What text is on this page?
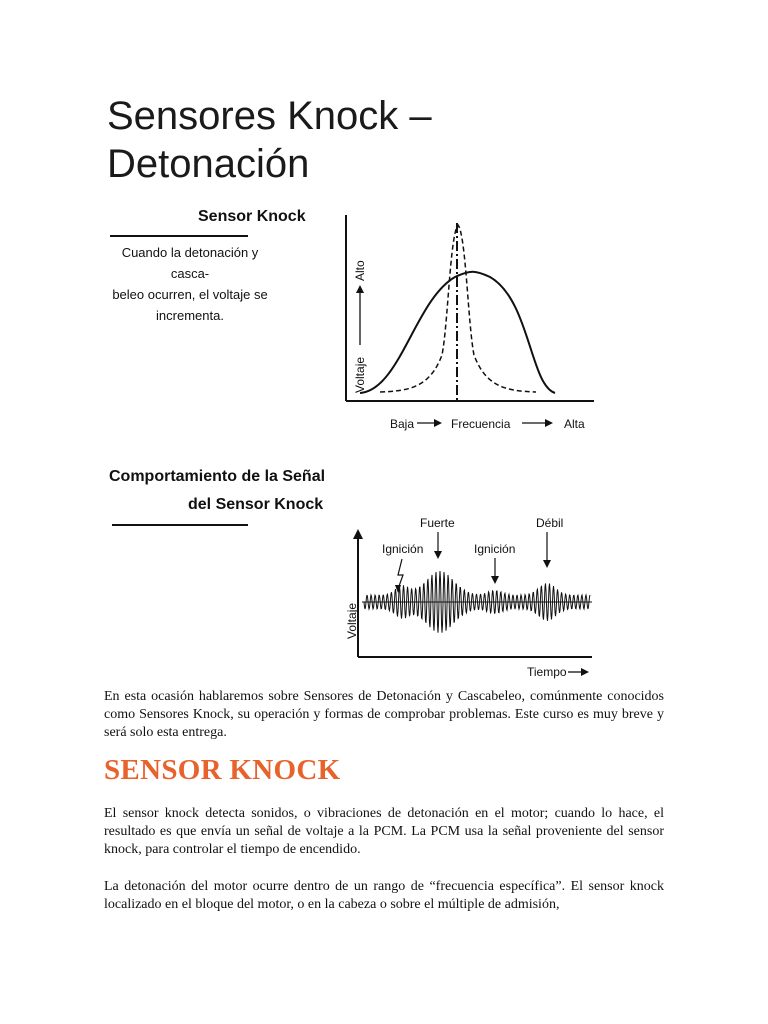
Sensores Knock –
Detonación
Sensor Knock

Cuando la detonación y casca-
beleo ocurren, el voltaje se
incrementa.

Voltaje
Alto
Baja	Frecuencia	Alta
Comportamiento de la Señal
del Sensor Knock
Voltaje
Ignición
Fuerte
Ignición
Débil
Tiempo

En esta ocasión hablaremos sobre Sensores de Detonación y Cascabeleo, comúnmente conocidos como Sensores Knock, su operación y formas de comprobar problemas. Este curso es muy breve y será solo esta entrega.

SENSOR KNOCK

El sensor knock detecta sonidos, o vibraciones de detonación en el motor; cuando lo hace, el resultado es que envía un señal de voltaje a la PCM. La PCM usa la señal proveniente del sensor knock, para controlar el tiempo de encendido.

La detonación del motor ocurre dentro de un rango de “frecuencia específica”. El sensor knock localizado en el bloque del motor, o en la cabeza o sobre el múltiple de admisión,
